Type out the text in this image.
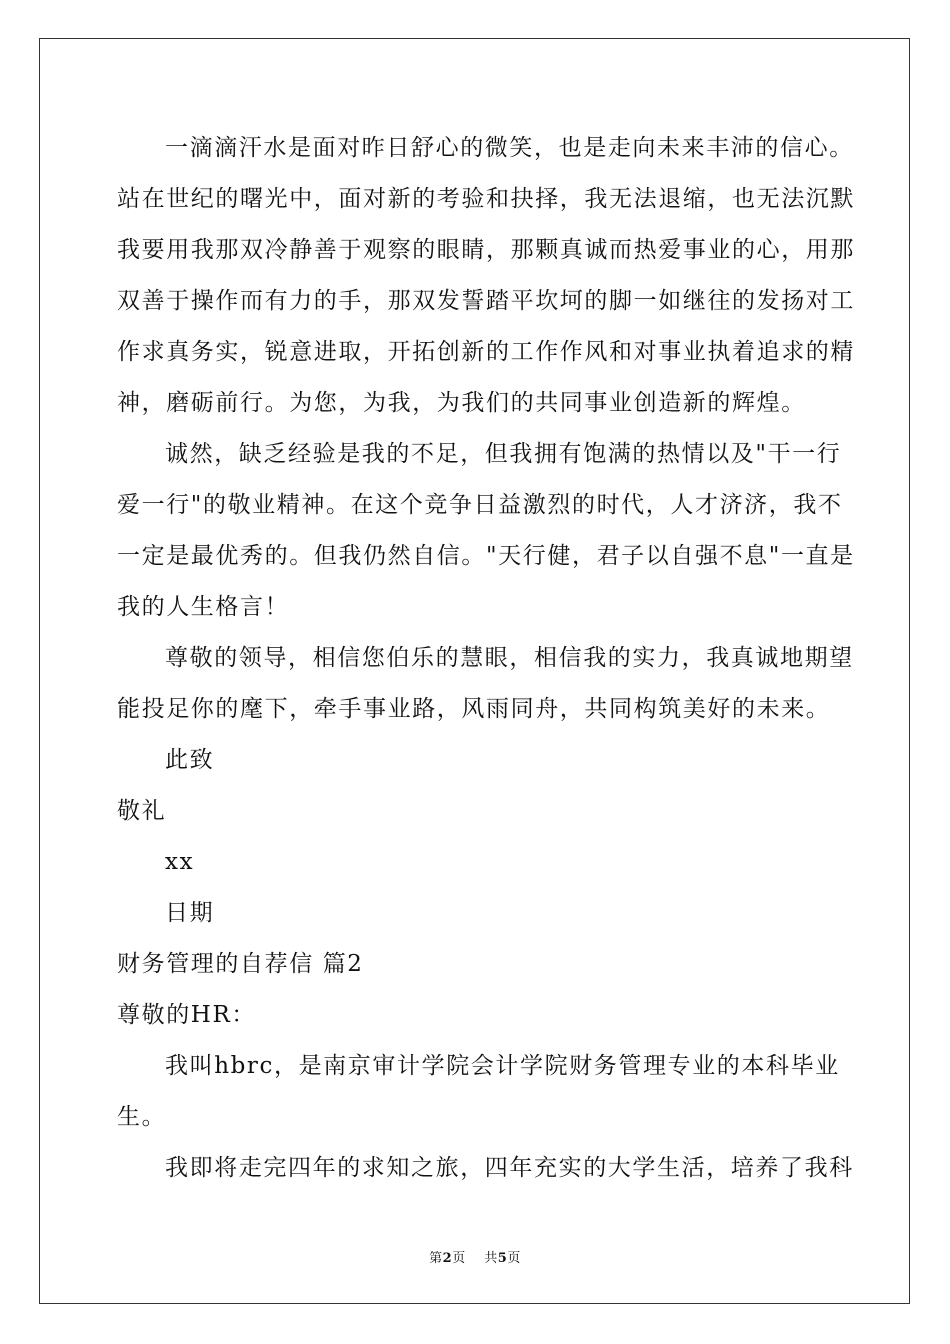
一滴滴汗水是面对昨日舒心的微笑，也是走向未来丰沛的信心。
站在世纪的曙光中，面对新的考验和抉择，我无法退缩，也无法沉默
我要用我那双冷静善于观察的眼睛，那颗真诚而热爱事业的心，用那
双善于操作而有力的手，那双发誓踏平坎坷的脚一如继往的发扬对工
作求真务实，锐意进取，开拓创新的工作作风和对事业执着追求的精
神，磨砺前行。为您，为我，为我们的共同事业创造新的辉煌。
诚然，缺乏经验是我的不足，但我拥有饱满的热情以及"干一行
爱一行"的敬业精神。在这个竞争日益激烈的时代，人才济济，我不
一定是最优秀的。但我仍然自信。"天行健，君子以自强不息"一直是
我的人生格言！
尊敬的领导，相信您伯乐的慧眼，相信我的实力，我真诚地期望
能投足你的麾下，牵手事业路，风雨同舟，共同构筑美好的未来。
此致
敬礼
xx
日期
财务管理的自荐信 篇2
尊敬的HR：
我叫hbrc，是南京审计学院会计学院财务管理专业的本科毕业
生。
我即将走完四年的求知之旅，四年充实的大学生活，培养了我科
第2页 共5页
